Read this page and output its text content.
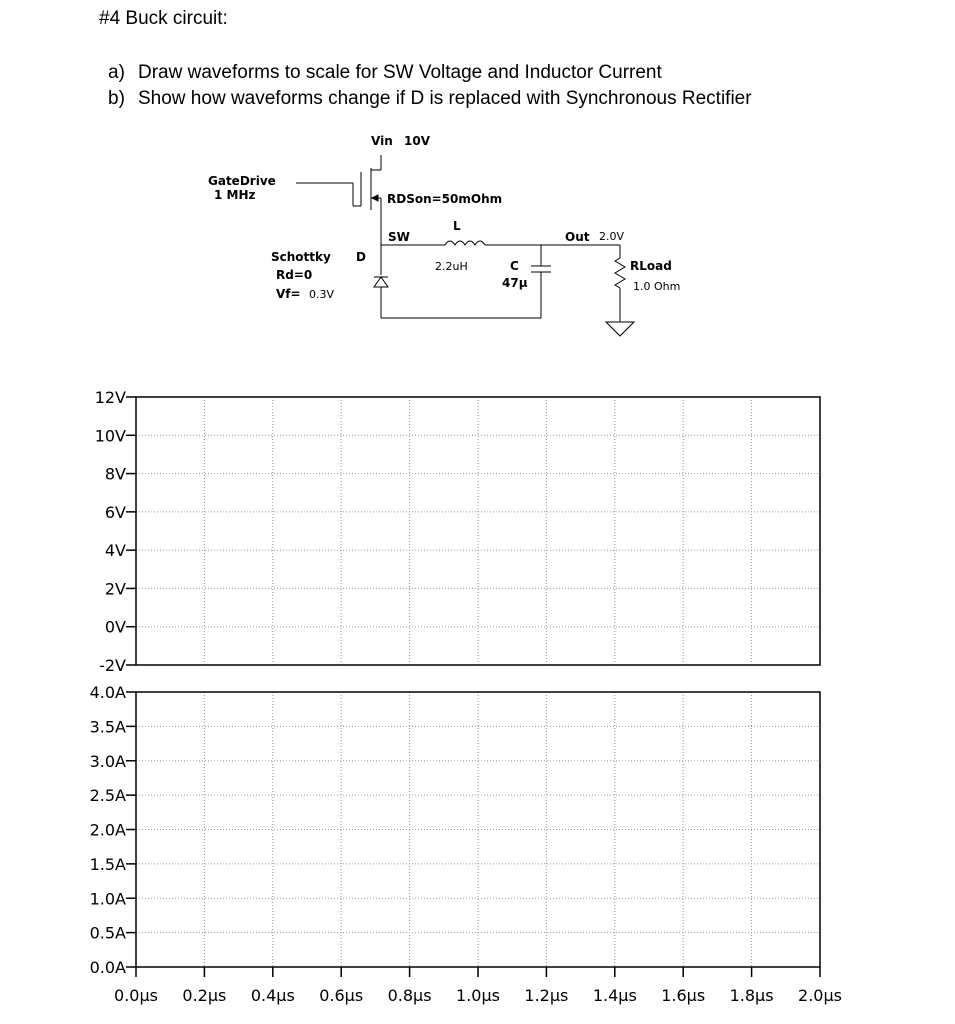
#4 Buck circuit:
a) Draw waveforms to scale for SW Voltage and Inductor Current
b) Show how waveforms change if D is replaced with Synchronous Rectifier
Vin 10V
GateDrive
1 MHz	RDSon=50mOhm
SW
L
2.2uH
Schottky D
Rd=0
Vf= 0.3V
C
47µ
Out 2.0V
RLoad
1.0 Ohm
12V
10V
8V
6V
4V
2V
0V
-2V
4.0A
3.5A
3.0A
2.5A
2.0A
1.5A
1.0A
0.5A
0.0A
0.0µs 0.2µs 0.4µs 0.6µs 0.8µs 1.0µs 1.2µs 1.4µs 1.6µs 1.8µs 2.0µs
